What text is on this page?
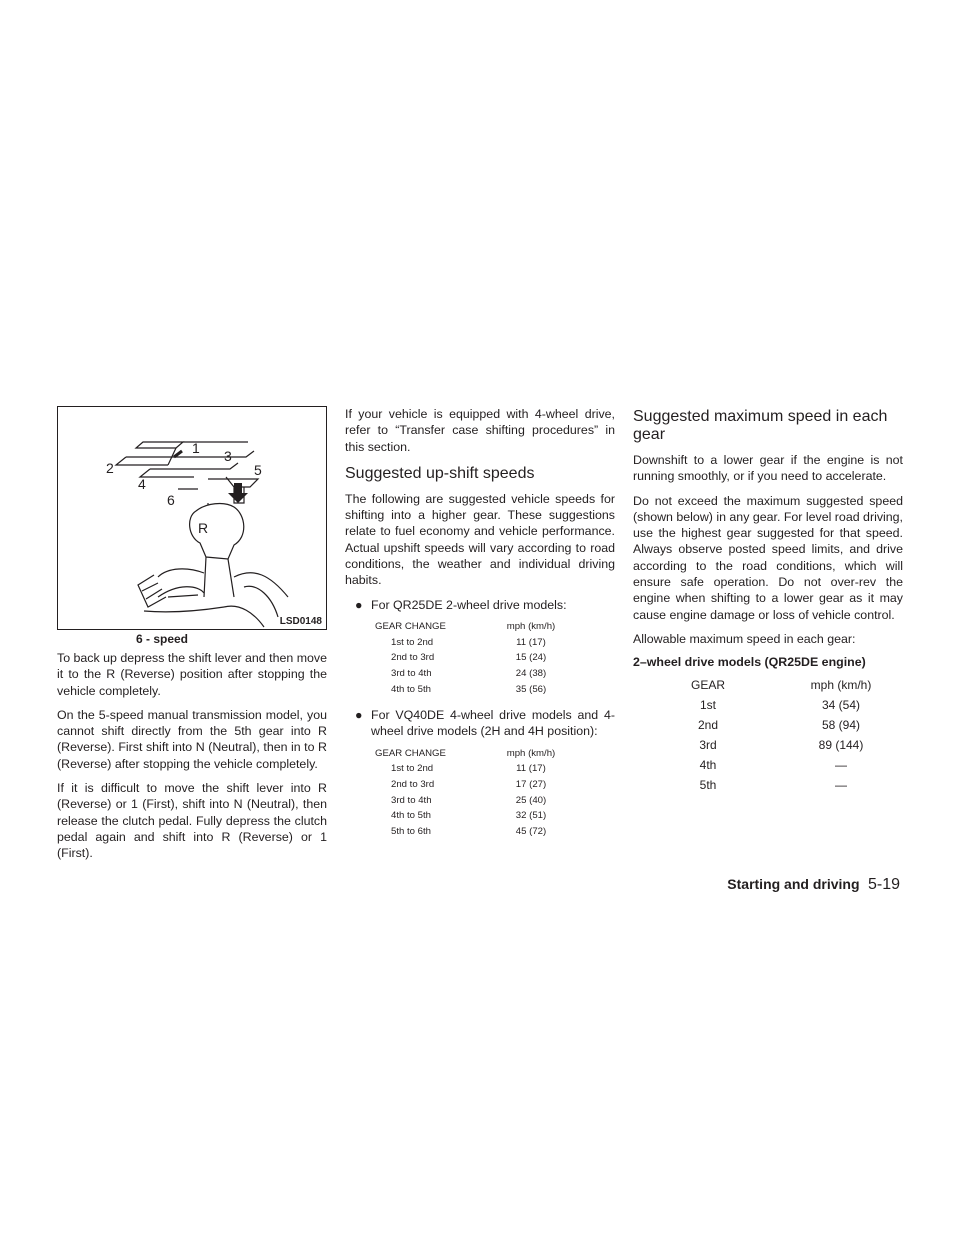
1
2
3
4
5
6
R
LSD0148
6 - speed

To back up depress the shift lever and then move it to the R (Reverse) position after stopping the vehicle completely.

On the 5-speed manual transmission model, you cannot shift directly from the 5th gear into R (Reverse). First shift into N (Neutral), then in to R (Reverse) after stopping the vehicle completely.

If it is difficult to move the shift lever into R (Reverse) or 1 (First), shift into N (Neutral), then release the clutch pedal. Fully depress the clutch pedal again and shift into R (Reverse) or 1 (First).

If your vehicle is equipped with 4-wheel drive, refer to “Transfer case shifting procedures” in this section.

Suggested up-shift speeds

The following are suggested vehicle speeds for shifting into a higher gear. These suggestions relate to fuel economy and vehicle performance. Actual upshift speeds will vary according to road conditions, the weather and individual driving habits.

● For QR25DE 2-wheel drive models:
GEAR CHANGE	mph (km/h)
1st to 2nd	11 (17)
2nd to 3rd	15 (24)
3rd to 4th	24 (38)
4th to 5th	35 (56)
● For VQ40DE 4-wheel drive models and 4-wheel drive models (2H and 4H position):
GEAR CHANGE	mph (km/h)
1st to 2nd	11 (17)
2nd to 3rd	17 (27)
3rd to 4th	25 (40)
4th to 5th	32 (51)
5th to 6th	45 (72)
Suggested maximum speed in each gear

Downshift to a lower gear if the engine is not running smoothly, or if you need to accelerate.

Do not exceed the maximum suggested speed (shown below) in any gear. For level road driving, use the highest gear suggested for that speed. Always observe posted speed limits, and drive according to the road conditions, which will ensure safe operation. Do not over-rev the engine when shifting to a lower gear as it may cause engine damage or loss of vehicle control.

Allowable maximum speed in each gear:

2–wheel drive models (QR25DE engine)
GEAR	mph (km/h)
1st	34 (54)
2nd	58 (94)
3rd	89 (144)
4th	—
5th	—
Starting and driving 5-19
